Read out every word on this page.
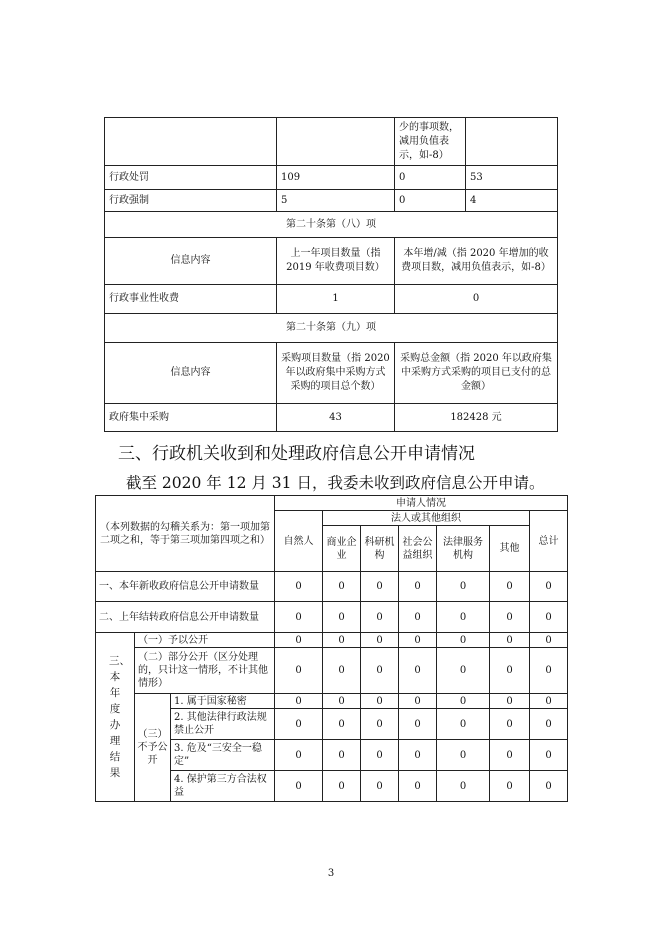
		少的事项数，减用负值表示，如-8）	
行政处罚	109	0	53
行政强制	5	0	4
第二十条第（八）项			
信息内容	上一年项目数量（指 2019 年收费项目数）	本年增/减（指 2020 年增加的收费项目数，减用负值表示，如-8）	
行政事业性收费	1	0	
第二十条第（九）项			
信息内容	采购项目数量（指 2020 年以政府集中采购方式采购的项目总个数）	采购总金额（指 2020 年以政府集中采购方式采购的项目已支付的总金额）	
政府集中采购	43	182428 元	
三、行政机关收到和处理政府信息公开申请情况
截至 2020 年 12 月 31 日，我委未收到政府信息公开申请。
（本列数据的勾稽关系为：第一项加第二项之和，等于第三项加第四项之和）			申请人情况						
			自然人	法人或其他组织					总计
				商业企业	科研机构	社会公益组织	法律服务机构	其他	
一、本年新收政府信息公开申请数量			0	0	0	0	0	0	0
二、上年结转政府信息公开申请数量			0	0	0	0	0	0	0
三、本年度办理结果	（一）予以公开		0	0	0	0	0	0	0
	（二）部分公开（区分处理的，只计这一情形，不计其他情形）		0	0	0	0	0	0	0
	（三）不予公开	1. 属于国家秘密	0	0	0	0	0	0	0
		2. 其他法律行政法规禁止公开	0	0	0	0	0	0	0
		3. 危及“三安全一稳定”	0	0	0	0	0	0	0
		4. 保护第三方合法权益	0	0	0	0	0	0	0
3
